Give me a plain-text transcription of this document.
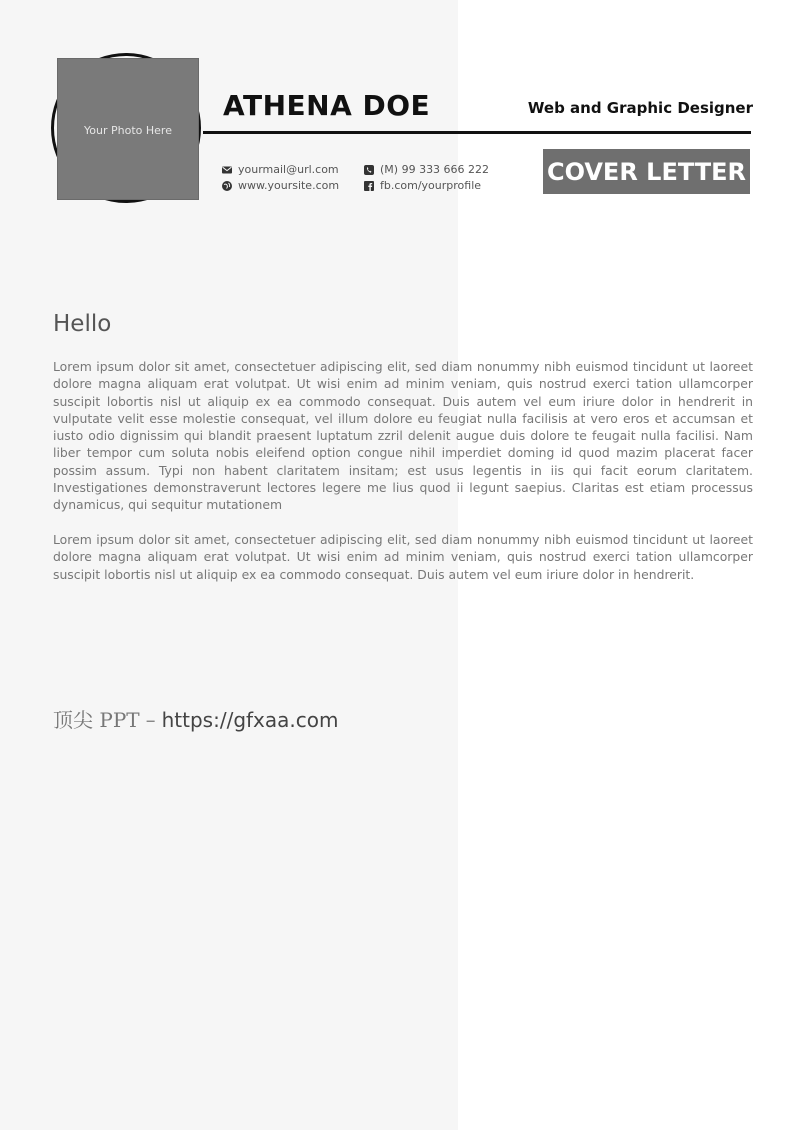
Your Photo Here
ATHENA DOE	Web and Graphic Designer
yourmail@url.com
www.yoursite.com
(M) 99 333 666 222
fb.com/yourprofile	COVER LETTER
Hello
Lorem ipsum dolor sit amet, consectetuer adipiscing elit, sed diam nonummy nibh euismod tincidunt ut laoreet dolore magna aliquam erat volutpat. Ut wisi enim ad minim veniam, quis nostrud exerci tation ullamcorper suscipit lobortis nisl ut aliquip ex ea commodo consequat. Duis autem vel eum iriure dolor in hendrerit in vulputate velit esse molestie consequat, vel illum dolore eu feugiat nulla facilisis at vero eros et accumsan et iusto odio dignissim qui blandit praesent luptatum zzril delenit augue duis dolore te feugait nulla facilisi. Nam liber tempor cum soluta nobis eleifend option congue nihil imperdiet doming id quod mazim placerat facer possim assum. Typi non habent claritatem insitam; est usus legentis in iis qui facit eorum claritatem. Investigationes demonstraverunt lectores legere me lius quod ii legunt saepius. Claritas est etiam processus dynamicus, qui sequitur mutationem
Lorem ipsum dolor sit amet, consectetuer adipiscing elit, sed diam nonummy nibh euismod tincidunt ut laoreet dolore magna aliquam erat volutpat. Ut wisi enim ad minim veniam, quis nostrud exerci tation ullamcorper suscipit lobortis nisl ut aliquip ex ea commodo consequat. Duis autem vel eum iriure dolor in hendrerit.
顶尖 PPT – https://gfxaa.com
